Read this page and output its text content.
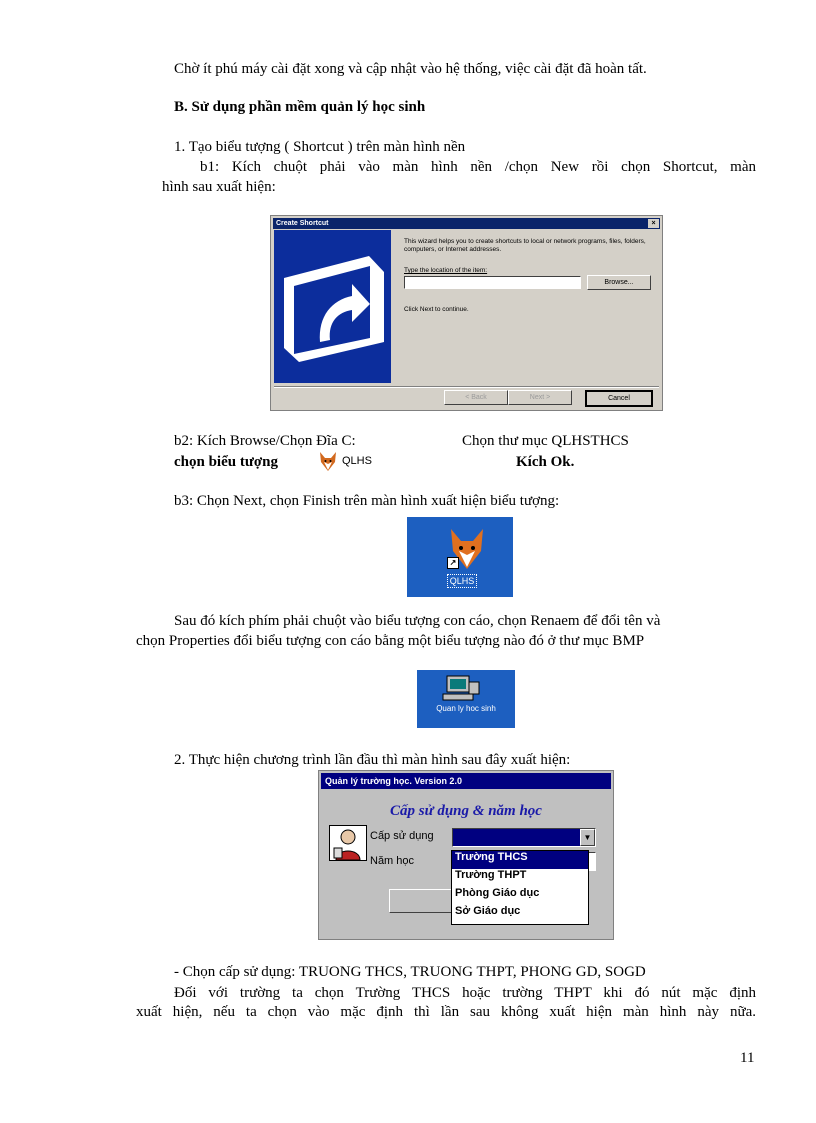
Chờ ít phú máy cài đặt xong và cập nhật vào hệ thống, việc cài đặt đã hoàn tất.
B. Sử dụng phần mềm quản lý học sinh
1. Tạo biểu tượng ( Shortcut ) trên màn hình nền
b1: Kích chuột phải vào màn hình nền /chọn New rồi chọn Shortcut, màn
hình sau xuất hiện:
Create Shortcut	×
This wizard helps you to create shortcuts to local or network programs, files, folders, computers, or Internet addresses.
Type the location of the item:
Browse...
Click Next to continue.
< Back	Next >	Cancel
b2: Kích Browse/Chọn Đĩa C:	Chọn thư mục QLHSTHCS
chọn biểu tượng	QLHS	Kích Ok.
b3: Chọn Next, chọn Finish trên màn hình xuất hiện biểu tượng:
↗
QLHS
Sau đó kích phím phải chuột vào biểu tượng con cáo, chọn Renaem để đổi tên và
chọn Properties đổi biểu tượng con cáo bằng một biểu tượng nào đó ở thư mục BMP
Quan ly hoc sinh
2. Thực hiện chương trình lần đầu thì màn hình sau đây xuất hiện:
Quản lý trường học. Version 2.0
Cấp sử dụng & năm học
Cấp sử dụng	▼
Năm học	Trường THCS
Trường THPT
Phòng Giáo dục
Sở Giáo dục
- Chọn cấp sử dụng: TRUONG THCS, TRUONG THPT, PHONG GD, SOGD
Đối với trường ta chọn Trường THCS hoặc trường THPT khi đó nút mặc định
xuất hiện, nếu ta chọn vào mặc định thì lần sau không xuất hiện màn hình này nữa.
11
